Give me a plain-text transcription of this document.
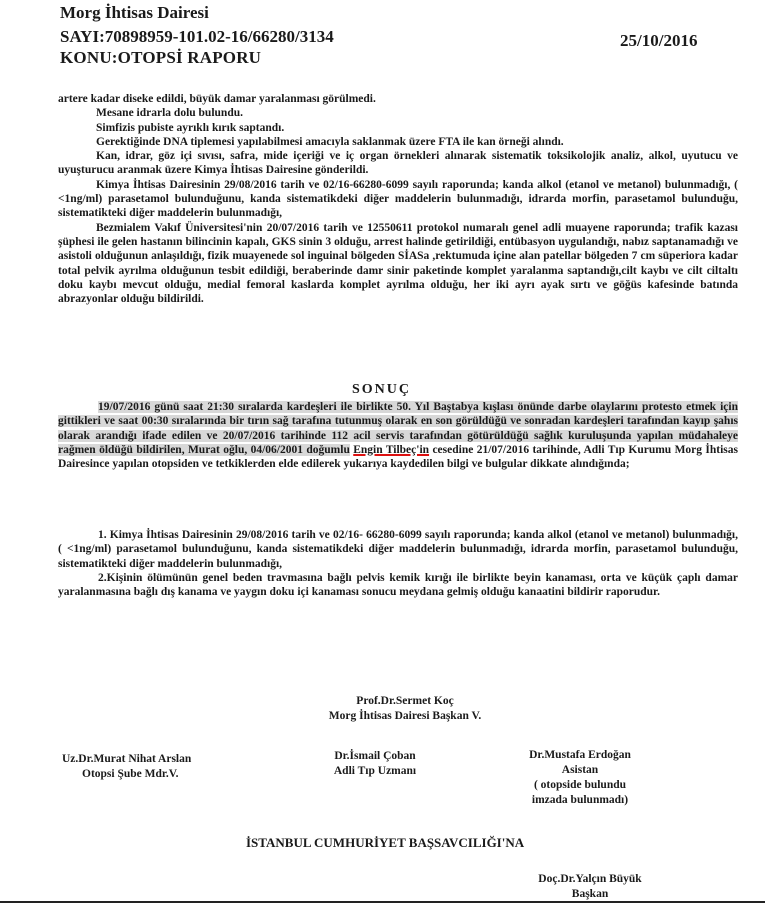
Morg İhtisas Dairesi
SAYI:70898959-101.02-16/66280/3134	25/10/2016
KONU:OTOPSİ RAPORU

artere kadar diseke edildi, büyük damar yaralanması görülmedi.

Mesane idrarla dolu bulundu.

Simfizis pubiste ayrıklı kırık saptandı.

Gerektiğinde DNA tiplemesi yapılabilmesi amacıyla saklanmak üzere FTA ile kan örneği alındı.

Kan, idrar, göz içi sıvısı, safra, mide içeriği ve iç organ örnekleri alınarak sistematik toksikolojik analiz, alkol, uyutucu ve uyuşturucu aranmak üzere Kimya İhtisas Dairesine gönderildi.

Kimya İhtisas Dairesinin 29/08/2016 tarih ve 02/16-66280-6099 sayılı raporunda; kanda alkol (etanol ve metanol) bulunmadığı, ( <1ng/ml) parasetamol bulunduğunu, kanda sistematikdeki diğer maddelerin bulunmadığı, idrarda morfin, parasetamol bulunduğu, sistematikteki diğer maddelerin bulunmadığı,

Bezmialem Vakıf Üniversitesi'nin 20/07/2016 tarih ve 12550611 protokol numaralı genel adli muayene raporunda; trafik kazası şüphesi ile gelen hastanın bilincinin kapalı, GKS sinin 3 olduğu, arrest halinde getirildiği, entübasyon uygulandığı, nabız saptanamadığı ve asistoli olduğunun anlaşıldığı, fizik muayenede sol inguinal bölgeden SİASa ,rektumuda içine alan patellar bölgeden 7 cm süperiora kadar total pelvik ayrılma olduğunun tesbit edildiği, beraberinde damr sinir paketinde komplet yaralanma saptandığı,cilt kaybı ve cilt ciltaltı doku kaybı mevcut olduğu, medial femoral kaslarda komplet ayrılma olduğu, her iki ayrı ayak sırtı ve göğüs kafesinde batında abrazyonlar olduğu bildirildi.

SONUÇ

19/07/2016 günü saat 21:30 sıralarda kardeşleri ile birlikte 50. Yıl Baştabya kışlası önünde darbe olaylarını protesto etmek için gittikleri ve saat 00:30 sıralarında bir tırın sağ tarafına tutunmuş olarak en son görüldüğü ve sonradan kardeşleri tarafından kayıp şahıs olarak arandığı ifade edilen ve 20/07/2016 tarihinde 112 acil servis tarafından götürüldüğü sağlık kuruluşunda yapılan müdahaleye rağmen öldüğü bildirilen, Murat oğlu, 04/06/2001 doğumlu Engin Tilbeç'in cesedine 21/07/2016 tarihinde, Adli Tıp Kurumu Morg İhtisas Dairesince yapılan otopsiden ve tetkiklerden elde edilerek yukarıya kaydedilen bilgi ve bulgular dikkate alındığında;

1. Kimya İhtisas Dairesinin 29/08/2016 tarih ve 02/16- 66280-6099 sayılı raporunda; kanda alkol (etanol ve metanol) bulunmadığı, ( <1ng/ml) parasetamol bulunduğunu, kanda sistematikdeki diğer maddelerin bulunmadığı, idrarda morfin, parasetamol bulunduğu, sistematikteki diğer maddelerin bulunmadığı,

2.Kişinin ölümünün genel beden travmasına bağlı pelvis kemik kırığı ile birlikte beyin kanaması, orta ve küçük çaplı damar yaralanmasına bağlı dış kanama ve yaygın doku içi kanaması sonucu meydana gelmiş olduğu kanaatini bildirir raporudur.

Prof.Dr.Sermet Koç
Morg İhtisas Dairesi Başkan V.
Uz.Dr.Murat Nihat Arslan
Otopsi Şube Mdr.V.
Dr.İsmail Çoban
Adli Tıp Uzmanı
Dr.Mustafa Erdoğan
Asistan
( otopside bulundu
imzada bulunmadı)
İSTANBUL CUMHURİYET BAŞSAVCILIĞI'NA
Doç.Dr.Yalçın Büyük
Başkan
